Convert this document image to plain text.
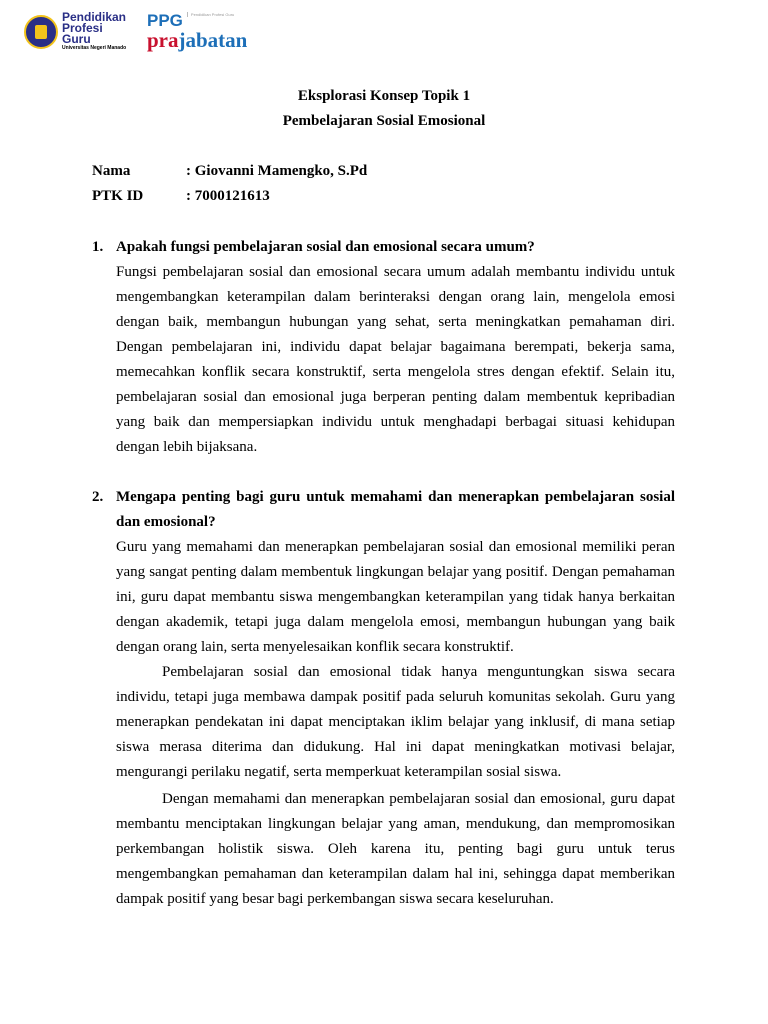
Pendidikan
Profesi
Guru
Universitas Negeri Manado
PPG Pendidikan Profesi Guru
prajabatan
Eksplorasi Konsep Topik 1
Pembelajaran Sosial Emosional
Nama	: Giovanni Mamengko, S.Pd
PTK ID	: 7000121613
1. Apakah fungsi pembelajaran sosial dan emosional secara umum?
Fungsi pembelajaran sosial dan emosional secara umum adalah membantu individu untuk mengembangkan keterampilan dalam berinteraksi dengan orang lain, mengelola emosi dengan baik, membangun hubungan yang sehat, serta meningkatkan pemahaman diri. Dengan pembelajaran ini, individu dapat belajar bagaimana berempati, bekerja sama, memecahkan konflik secara konstruktif, serta mengelola stres dengan efektif. Selain itu, pembelajaran sosial dan emosional juga berperan penting dalam membentuk kepribadian yang baik dan mempersiapkan individu untuk menghadapi berbagai situasi kehidupan dengan lebih bijaksana.
2. Mengapa penting bagi guru untuk memahami dan menerapkan pembelajaran sosial dan emosional?
Guru yang memahami dan menerapkan pembelajaran sosial dan emosional memiliki peran yang sangat penting dalam membentuk lingkungan belajar yang positif. Dengan pemahaman ini, guru dapat membantu siswa mengembangkan keterampilan yang tidak hanya berkaitan dengan akademik, tetapi juga dalam mengelola emosi, membangun hubungan yang baik dengan orang lain, serta menyelesaikan konflik secara konstruktif.
Pembelajaran sosial dan emosional tidak hanya menguntungkan siswa secara individu, tetapi juga membawa dampak positif pada seluruh komunitas sekolah. Guru yang menerapkan pendekatan ini dapat menciptakan iklim belajar yang inklusif, di mana setiap siswa merasa diterima dan didukung. Hal ini dapat meningkatkan motivasi belajar, mengurangi perilaku negatif, serta memperkuat keterampilan sosial siswa.
Dengan memahami dan menerapkan pembelajaran sosial dan emosional, guru dapat membantu menciptakan lingkungan belajar yang aman, mendukung, dan mempromosikan perkembangan holistik siswa. Oleh karena itu, penting bagi guru untuk terus mengembangkan pemahaman dan keterampilan dalam hal ini, sehingga dapat memberikan dampak positif yang besar bagi perkembangan siswa secara keseluruhan.
